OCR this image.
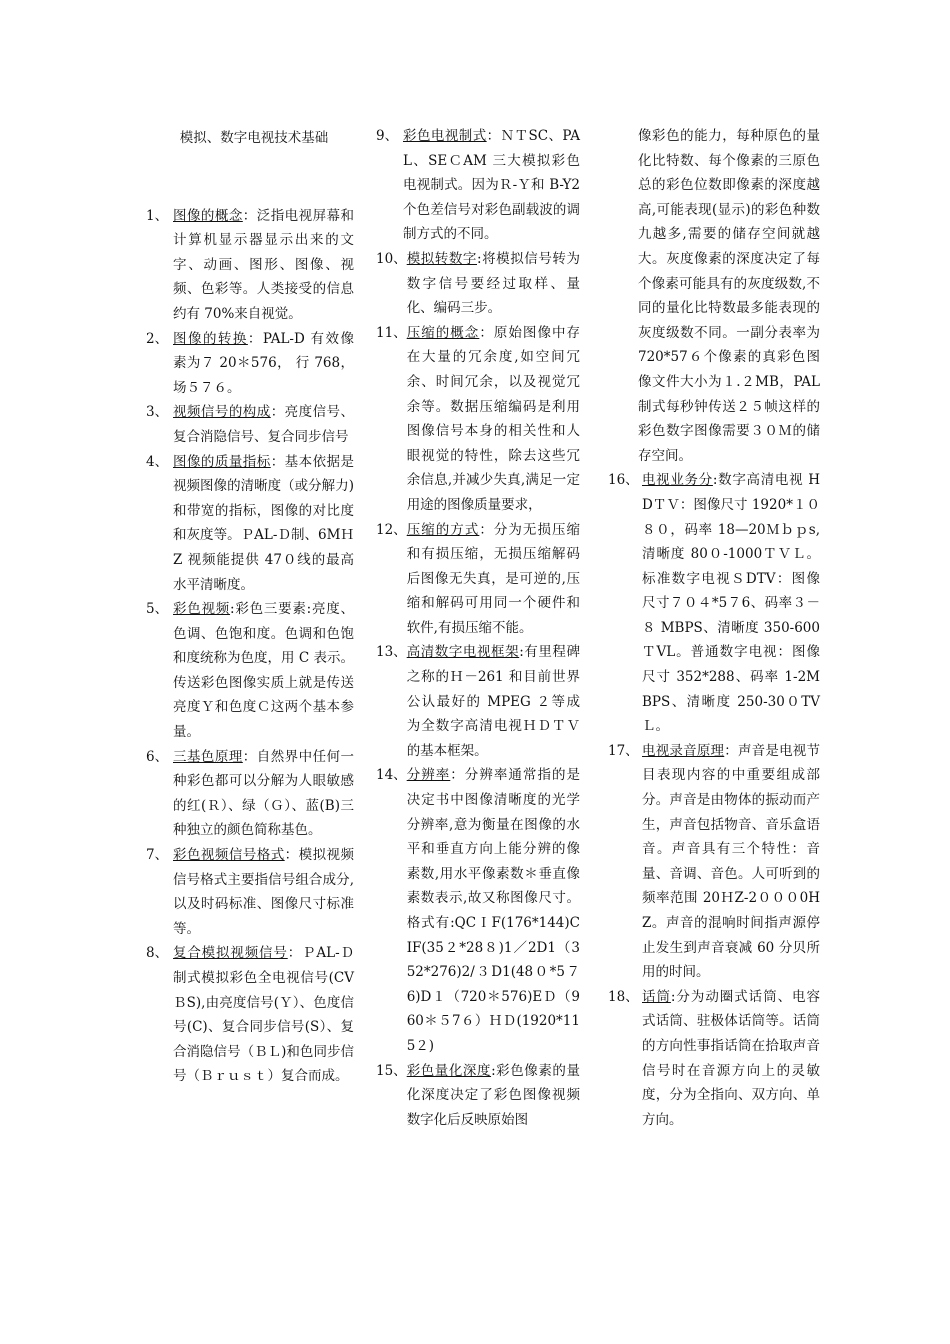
模拟、数字电视技术基础
1、 图像的概念：泛指电视屏幕和计算机显示器显示出来的文字、动画、图形、图像、视频、色彩等。人类接受的信息约有 70%来自视觉。
2、 图像的转换：PAL-D 有效像素为７ 20＊576， 行 768，场５７６。
3、 视频信号的构成：亮度信号、复合消隐信号、复合同步信号
4、 图像的质量指标：基本依据是视频图像的清晰度（或分解力)和带宽的指标，图像的对比度和灰度等。ＰAL-Ｄ制、6MＨZ 视频能提供 47０线的最高水平清晰度。
5、 彩色视频:彩色三要素:亮度、色调、色饱和度。色调和色饱和度统称为色度，用 C 表示。传送彩色图像实质上就是传送亮度Ｙ和色度Ｃ这两个基本参量。
6、 三基色原理：自然界中任何一种彩色都可以分解为人眼敏感的红(Ｒ）、绿（Ｇ）、蓝(B)三种独立的颜色简称基色。
7、 彩色视频信号格式：模拟视频信号格式主要指信号组合成分,以及时码标准、图像尺寸标准等。
8、 复合模拟视频信号：ＰAL-Ｄ制式模拟彩色全电视信号(CVＢS),由亮度信号(Ｙ）、色度信号(C)、复合同步信号(S）、复合消隐信号（ＢＬ)和色同步信号（Ｂｒｕｓｔ）复合而成。
9、 彩色电视制式：ＮＴSC、PAL、SEＣAM 三大模拟彩色电视制式。因为Ｒ-Ｙ和 B-Y2 个色差信号对彩色副载波的调制方式的不同。
10、 模拟转数字:将模拟信号转为数字信号要经过取样、量化、编码三步。
11、 压缩的概念：原始图像中存在大量的冗余度,如空间冗余、时间冗余，以及视觉冗余等。数据压缩编码是利用图像信号本身的相关性和人眼视觉的特性，除去这些冗余信息,并减少失真,满足一定用途的图像质量要求，
12、 压缩的方式：分为无损压缩和有损压缩，无损压缩解码后图像无失真，是可逆的,压缩和解码可用同一个硬件和软件,有损压缩不能。
13、 高清数字电视框架:有里程碑之称的Ｈ－261 和目前世界公认最好的 MPEG ２等成为全数字高清电视ＨＤＴＶ的基本框架。
14、 分辨率：分辨率通常指的是决定书中图像清晰度的光学分辨率,意为衡量在图像的水平和垂直方向上能分辨的像素数,用水平像素数＊垂直像素数表示,故又称图像尺寸。格式有:QCＩF(176*144)CIF(35２*28８)1／2D1（352*276)2/３D1(48０*5７6)D１（720＊576)EＤ（960＊５7６）ＨＤ(1920*115２)
15、 彩色量化深度:彩色像素的量化深度决定了彩色图像视频数字化后反映原始图
像彩色的能力，每种原色的量化比特数、每个像素的三原色总的彩色位数即像素的深度越高,可能表现(显示)的彩色种数九越多,需要的储存空间就越大。灰度像素的深度决定了每个像素可能具有的灰度级数,不同的量化比特数最多能表现的灰度级数不同。一副分表率为 720*57６个像素的真彩色图像文件大小为１.２MB，PAL 制式每秒钟传送２５帧这样的彩色数字图像需要３０Ｍ的储存空间。
16、 电视业务分:数字高清电视 HDＴＶ：图像尺寸 1920*１０８０，码率 18—20Ｍｂｐs,清晰度 80０-1000ＴＶＬ。标准数字电视ＳDTV：图像尺寸７０４*5７6、码率３－８ MBPS、清晰度 350-600ＴVL。普通数字电视：图像尺寸 352*288、码率 1-2MBPS、清晰度 250-30０TVＬ。
17、 电视录音原理：声音是电视节目表现内容的中重要组成部分。声音是由物体的振动而产生，声音包括物音、音乐盒语音。声音具有三个特性：音量、音调、音色。人可听到的频率范围 20ＨZ-2０００0HZ。声音的混响时间指声源停止发生到声音衰减 60 分贝所用的时间。
18、 话筒:分为动圈式话筒、电容式话筒、驻极体话筒等。话筒的方向性事指话筒在拾取声音信号时在音源方向上的灵敏度，分为全指向、双方向、单方向。
